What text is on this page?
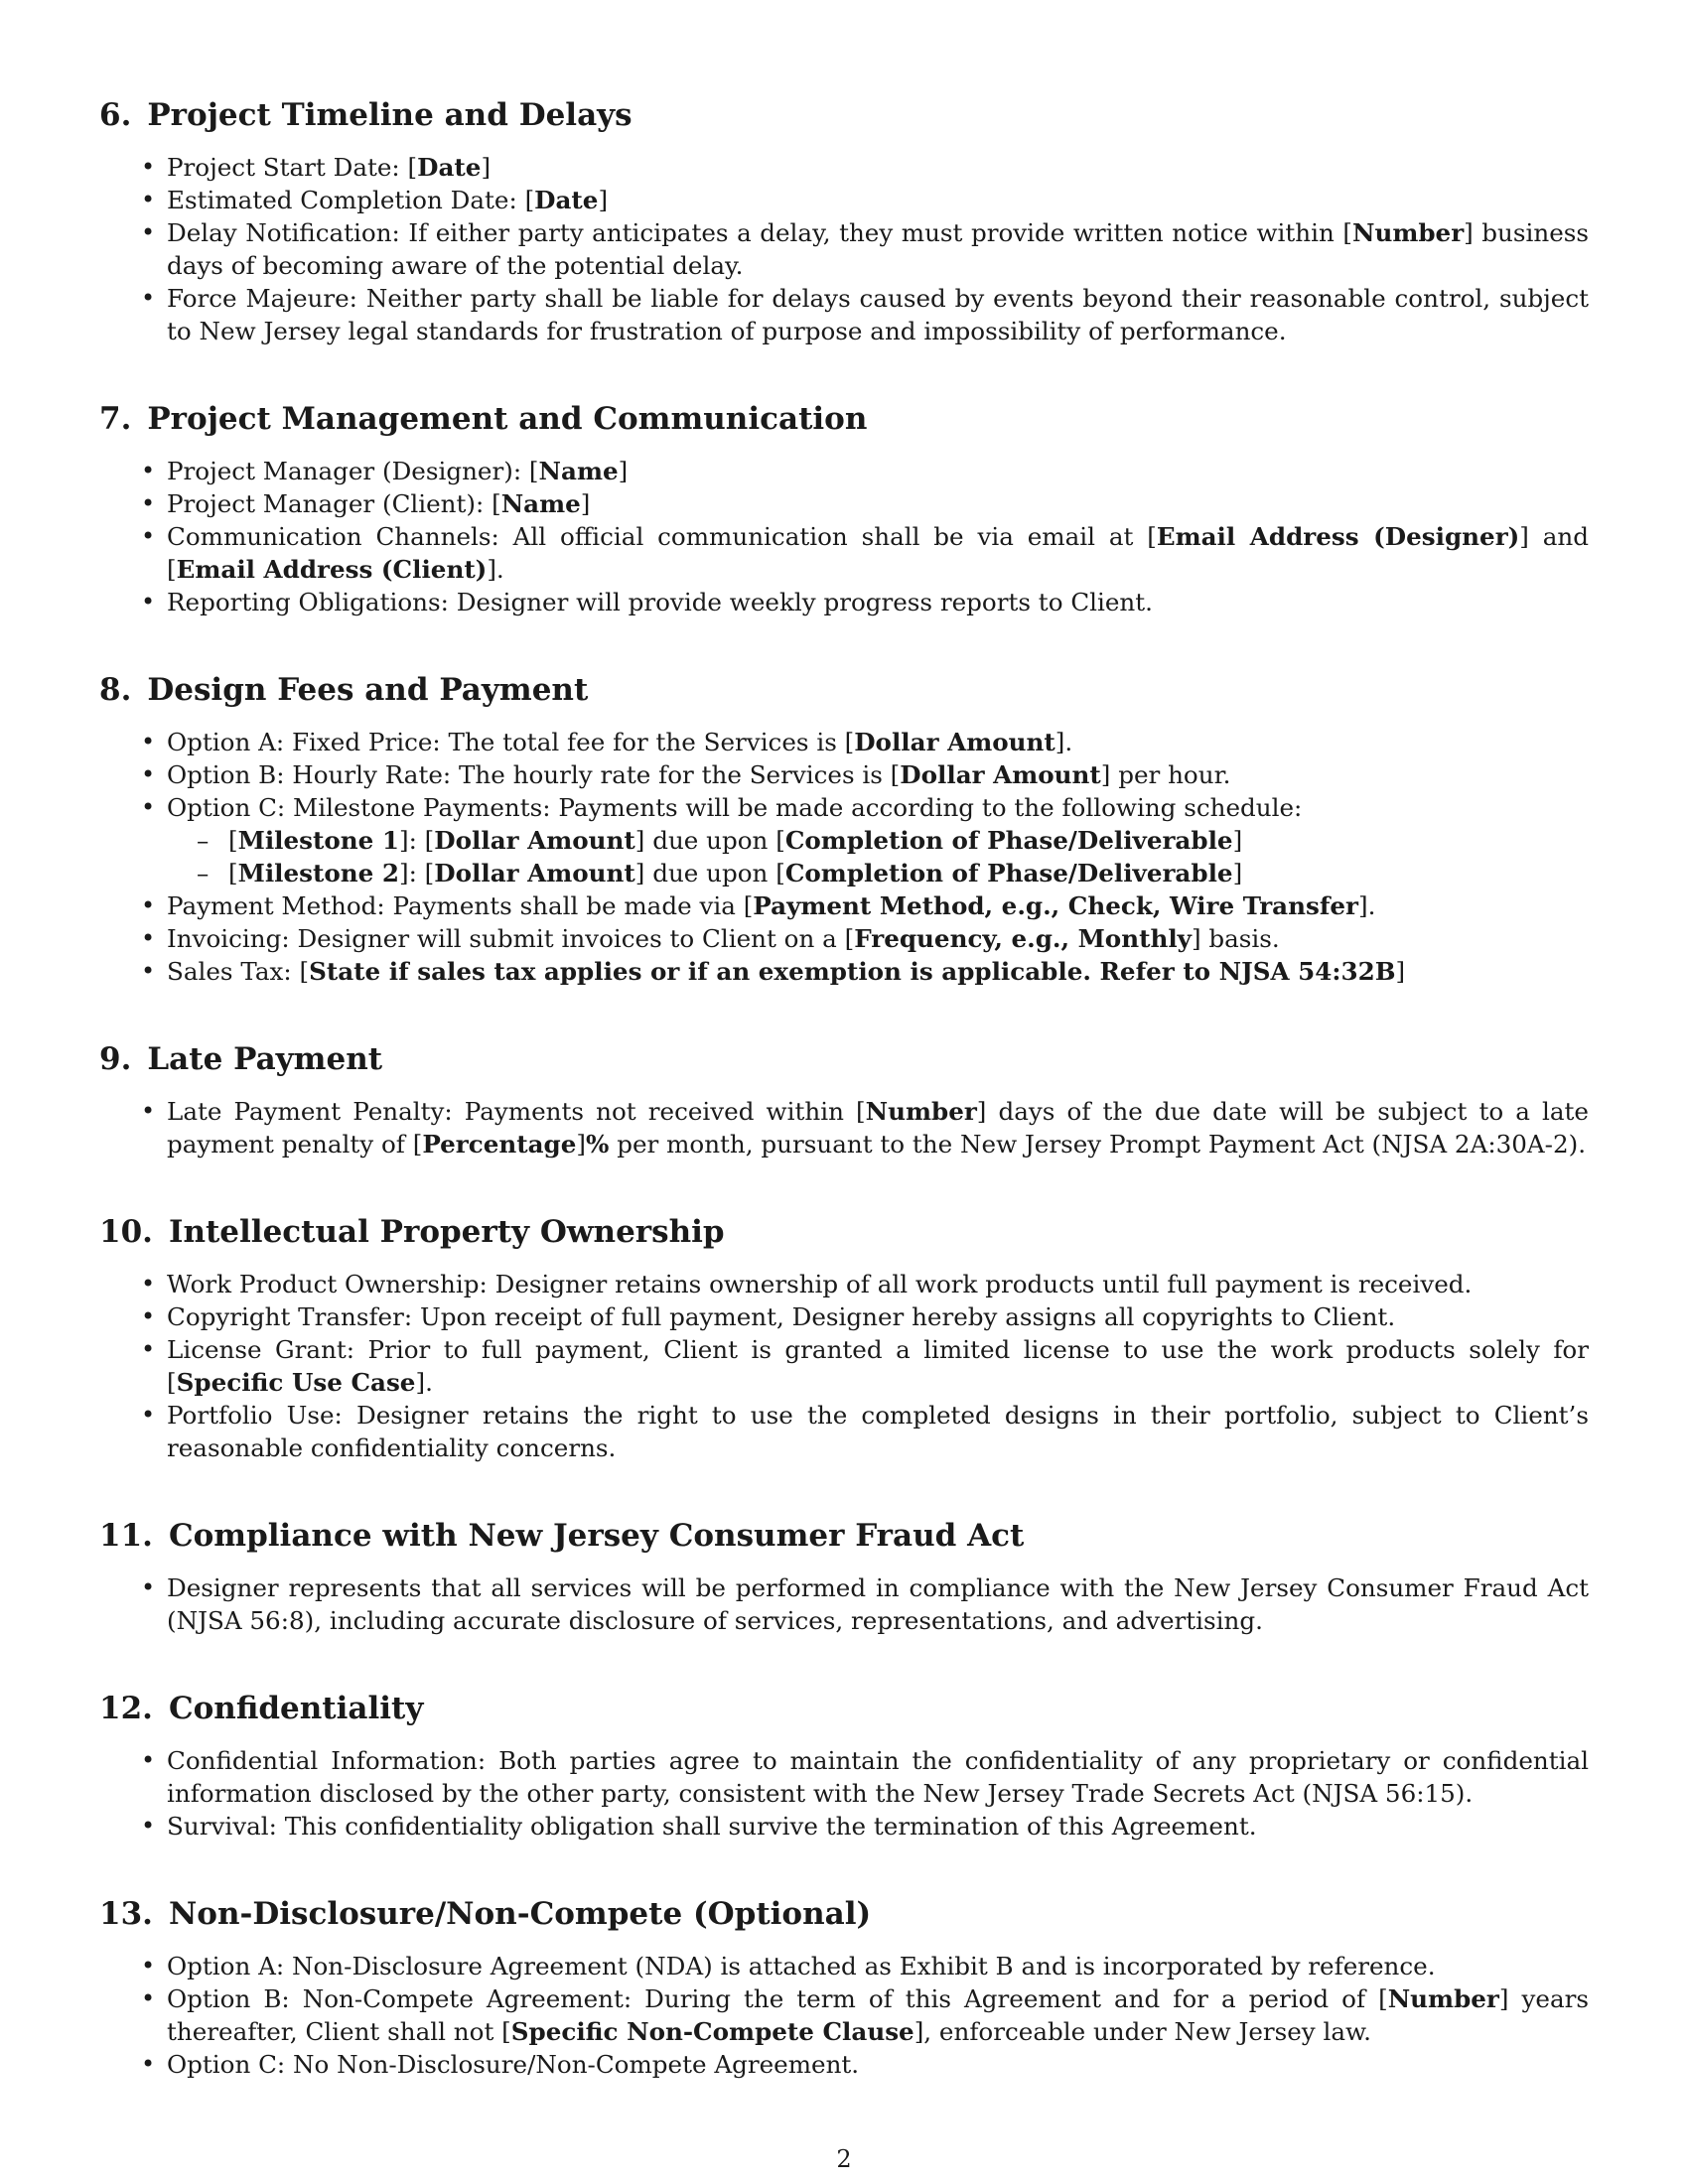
6. Project Timeline and Delays
• Project Start Date: [Date]
• Estimated Completion Date: [Date]
• Delay Notification: If either party anticipates a delay, they must provide written notice within [Number] business days of becoming aware of the potential delay.
• Force Majeure: Neither party shall be liable for delays caused by events beyond their reasonable control, subject to New Jersey legal standards for frustration of purpose and impossibility of performance.
7. Project Management and Communication
• Project Manager (Designer): [Name]
• Project Manager (Client): [Name]
• Communication Channels: All official communication shall be via email at [Email Address (Designer)] and [Email Address (Client)].
• Reporting Obligations: Designer will provide weekly progress reports to Client.
8. Design Fees and Payment
• Option A: Fixed Price: The total fee for the Services is [Dollar Amount].
• Option B: Hourly Rate: The hourly rate for the Services is [Dollar Amount] per hour.
• Option C: Milestone Payments: Payments will be made according to the following schedule:
– [Milestone 1]: [Dollar Amount] due upon [Completion of Phase/Deliverable]
– [Milestone 2]: [Dollar Amount] due upon [Completion of Phase/Deliverable]
• Payment Method: Payments shall be made via [Payment Method, e.g., Check, Wire Transfer].
• Invoicing: Designer will submit invoices to Client on a [Frequency, e.g., Monthly] basis.
• Sales Tax: [State if sales tax applies or if an exemption is applicable. Refer to NJSA 54:32B]
9. Late Payment
• Late Payment Penalty: Payments not received within [Number] days of the due date will be subject to a late payment penalty of [Percentage]% per month, pursuant to the New Jersey Prompt Payment Act (NJSA 2A:30A-2).
10. Intellectual Property Ownership
• Work Product Ownership: Designer retains ownership of all work products until full payment is received.
• Copyright Transfer: Upon receipt of full payment, Designer hereby assigns all copyrights to Client.
• License Grant: Prior to full payment, Client is granted a limited license to use the work products solely for [Specific Use Case].
• Portfolio Use: Designer retains the right to use the completed designs in their portfolio, subject to Client’s reasonable confidentiality concerns.
11. Compliance with New Jersey Consumer Fraud Act
• Designer represents that all services will be performed in compliance with the New Jersey Consumer Fraud Act (NJSA 56:8), including accurate disclosure of services, representations, and advertising.
12. Confidentiality
• Confidential Information: Both parties agree to maintain the confidentiality of any proprietary or confidential information disclosed by the other party, consistent with the New Jersey Trade Secrets Act (NJSA 56:15).
• Survival: This confidentiality obligation shall survive the termination of this Agreement.
13. Non-Disclosure/Non-Compete (Optional)
• Option A: Non-Disclosure Agreement (NDA) is attached as Exhibit B and is incorporated by reference.
• Option B: Non-Compete Agreement: During the term of this Agreement and for a period of [Number] years thereafter, Client shall not [Specific Non-Compete Clause], enforceable under New Jersey law.
• Option C: No Non-Disclosure/Non-Compete Agreement.
2
